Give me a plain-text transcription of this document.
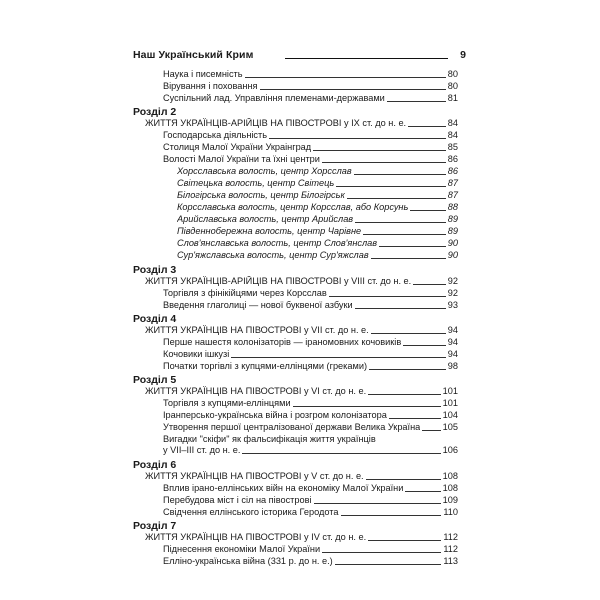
Наш Український Крим	9
Наука і писемність	80
Вірування і поховання	80
Суспільний лад. Управління племенами-державами	81
Розділ 2
ЖИТТЯ УКРАЇНЦІВ-АРІЙЦІВ НА ПІВОСТРОВІ у IX ст. до н. е.	84
Господарська діяльність	84
Столиця Малої України Украінград	85
Волості Малої України та їхні центри	86
Хорсславська волость, центр Хорсслав	86
Світецька волость, центр Світець	87
Білогірська волость, центр Білогірськ	87
Корсславська волость, центр Корсслав, або Корсунь	88
Арийславська волость, центр Арийслав	89
Південнобережна волость, центр Чарівне	89
Слов'янславська волость, центр Слов'янслав	90
Сур'яжславська волость, центр Сур'яжслав	90
Розділ 3
ЖИТТЯ УКРАЇНЦІВ-АРІЙЦІВ НА ПІВОСТРОВІ у VIII ст. до н. е.	92
Торгівля з фінікійцями через Корсслав	92
Введення глаголиці — нової буквеної азбуки	93
Розділ 4
ЖИТТЯ УКРАЇНЦІВ НА ПІВОСТРОВІ у VII ст. до н. е.	94
Перше нашестя колонізаторів — іраномовних кочовиків	94
Кочовики ішкузі	94
Початки торгівлі з купцями-еллінцями (греками)	98
Розділ 5
ЖИТТЯ УКРАЇНЦІВ НА ПІВОСТРОВІ у VI ст. до н. е.	101
Торгівля з купцями-еллінцями	101
Іранперсько-українська війна і розгром колонізатора	104
Утворення першої централізованої держави Велика Україна 105
Вигадки "скіфи" як фальсифікація життя українців
у VII–III ст. до н. е.	106
Розділ 6
ЖИТТЯ УКРАЇНЦІВ НА ПІВОСТРОВІ у V ст. до н. е.	108
Вплив ірано-еллінських війн на економіку Малої України	108
Перебудова міст і сіл на півострові	109
Свідчення еллінського історика Геродота	110
Розділ 7
ЖИТТЯ УКРАЇНЦІВ НА ПІВОСТРОВІ у IV ст. до н. е.	112
Піднесення економіки Малої України	112
Еллінo-українська війна (331 р. до н. е.)	113
